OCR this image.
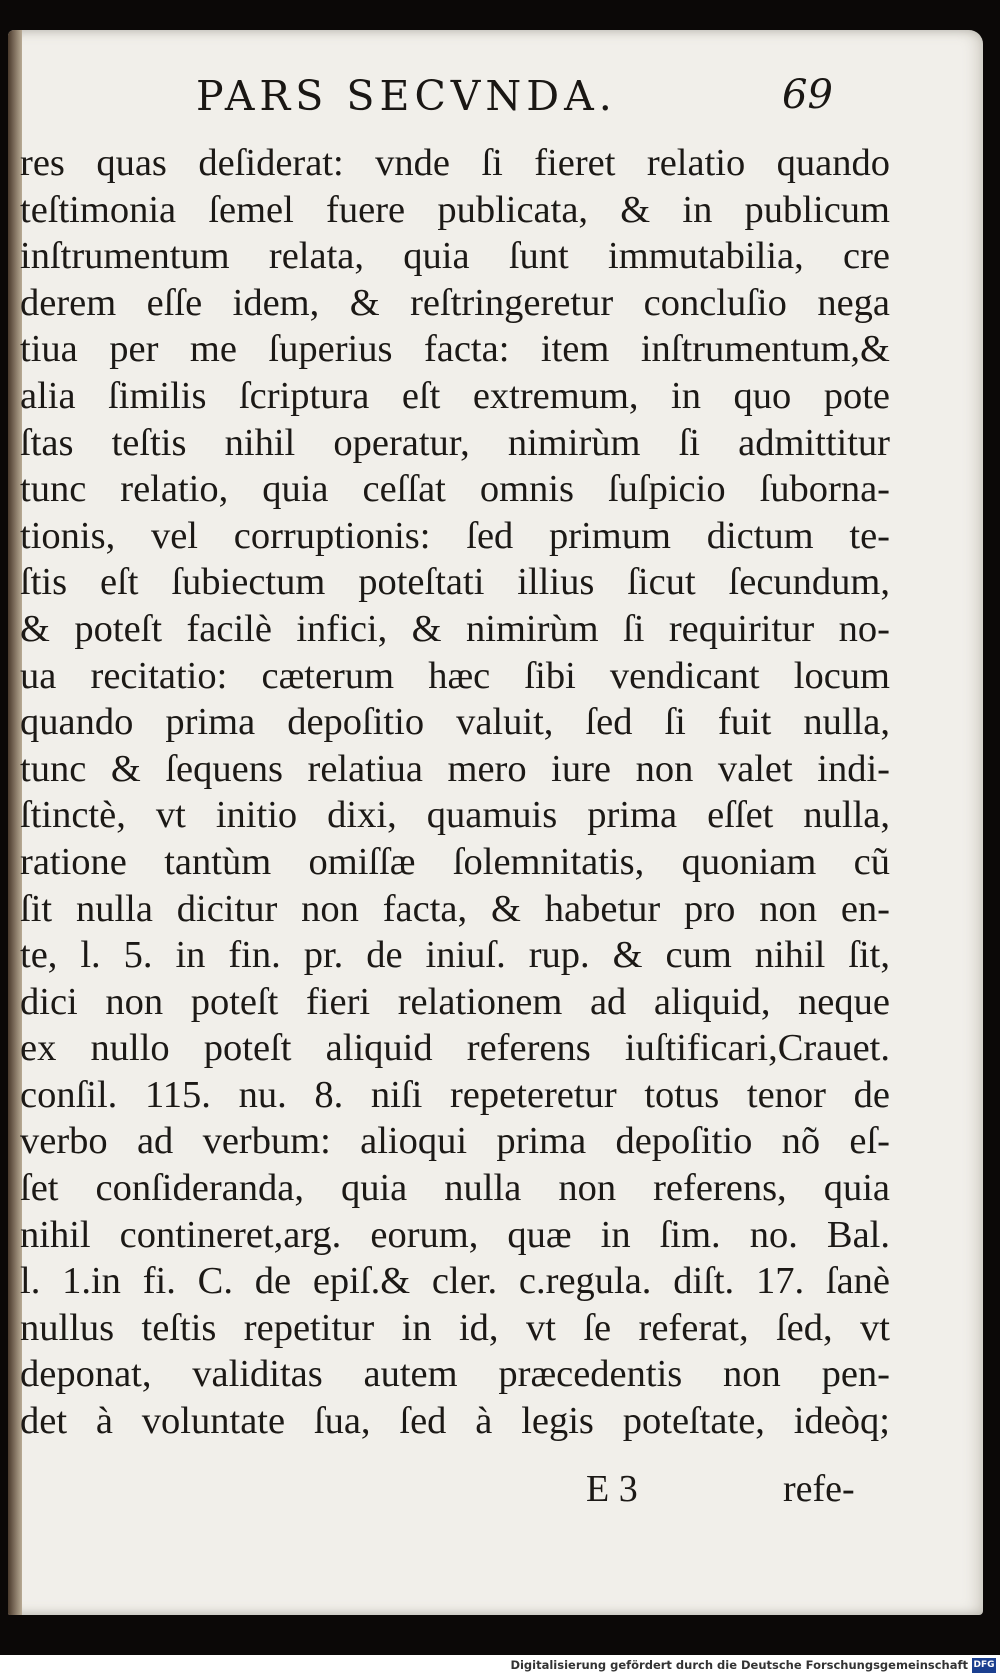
PARS SECVNDA.	69
res quas deſiderat: vnde ſi fieret relatio quando
teſtimonia ſemel fuere publicata, & in publicum
inſtrumentum relata, quia ſunt immutabilia, cre
derem eſſe idem, & reſtringeretur concluſio nega
tiua per me ſuperius facta: item inſtrumentum,&
alia ſimilis ſcriptura eſt extremum, in quo pote
ſtas teſtis nihil operatur, nimirùm ſi admittitur
tunc relatio, quia ceſſat omnis ſuſpicio ſuborna-
tionis, vel corruptionis: ſed primum dictum te-
ſtis eſt ſubiectum poteſtati illius ſicut ſecundum,
& poteſt facilè infici, & nimirùm ſi requiritur no-
ua recitatio: cæterum hæc ſibi vendicant locum
quando prima depoſitio valuit, ſed ſi fuit nulla,
tunc & ſequens relatiua mero iure non valet indi-
ſtinctè, vt initio dixi, quamuis prima eſſet nulla,
ratione tantùm omiſſæ ſolemnitatis, quoniam cũ
ſit nulla dicitur non facta, & habetur pro non en-
te, l. 5. in fin. pr. de iniuſ. rup. & cum nihil ſit,
dici non poteſt fieri relationem ad aliquid, neque
ex nullo poteſt aliquid referens iuſtificari,Crauet.
conſil. 115. nu. 8. niſi repeteretur totus tenor de
verbo ad verbum: alioqui prima depoſitio nõ eſ-
ſet conſideranda, quia nulla non referens, quia
nihil contineret,arg. eorum, quæ in ſim. no. Bal.
l. 1.in fi. C. de epiſ.& cler. c.regula. diſt. 17. ſanè
nullus teſtis repetitur in id, vt ſe referat, ſed, vt
deponat, validitas autem præcedentis non pen-
det à voluntate ſua, ſed à legis poteſtate, ideòq;
E 3	refe-
Digitalisierung gefördert durch die Deutsche Forschungsgemeinschaft DFG
